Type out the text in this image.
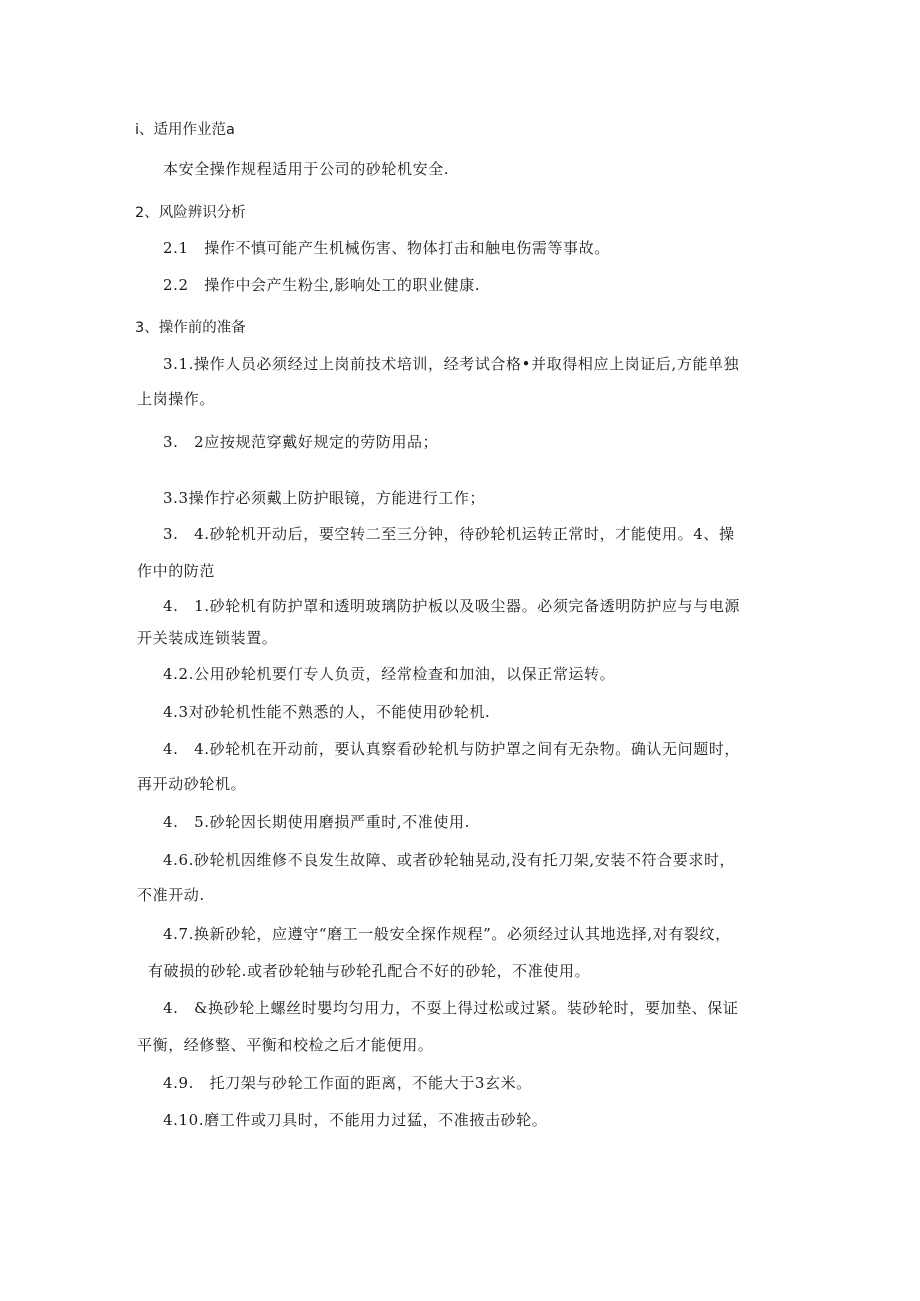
i、适用作业范a
本安全操作规程适用于公司的砂轮机安全.
2、风险辨识分析
2.1　操作不慎可能产生机械伤害、物体打击和触电伤需等事故。
2.2　操作中会产生粉尘,影响处工的职业健康.
3、操作前的准备
3.1.操作人员必须经过上岗前技术培训，经考试合格•并取得相应上岗证后,方能单独
上岗操作。
3.　2应按规范穿戴好规定的劳防用品；
3.3操作拧必须戴上防护眼镜，方能进行工作；
3.　4.砂轮机开动后，要空转二至三分钟，待砂轮机运转正常时，才能使用。4、操
作中的防范
4.　1.砂轮机有防护罩和透明玻璃防护板以及吸尘器。必须完备透明防护应与与电源
开关装成连锁装置。
4.2.公用砂轮机要仃专人负贡，经常检查和加油，以保正常运转。
4.3对砂轮机性能不熟悉的人，不能使用砂轮机.
4.　4.砂轮机在开动前，要认真察看砂轮机与防护罩之间有无杂物。确认无问题时，
再开动砂轮机。
4.　5.砂轮因长期使用磨损严重时,不准使用.
4.6.砂轮机因维修不良发生故障、或者砂轮轴晃动,没有托刀架,安装不符合要求时，
不准开动.
4.7.换新砂轮，应遵守“磨工一般安全探作规程”。必须经过认其地选择,对有裂纹，
有破损的砂轮.或者砂轮轴与砂轮孔配合不好的砂轮，不准使用。
4.　&换砂轮上螺丝时嬰均匀用力，不耍上得过松或过紧。装砂轮时，要加垫、保证
平衡，经修整、平衡和校检之后才能便用。
4.9.　托刀架与砂轮工作面的距离，不能大于3玄米。
4.10.磨工件或刀具时，不能用力过猛，不准掖击砂轮。
